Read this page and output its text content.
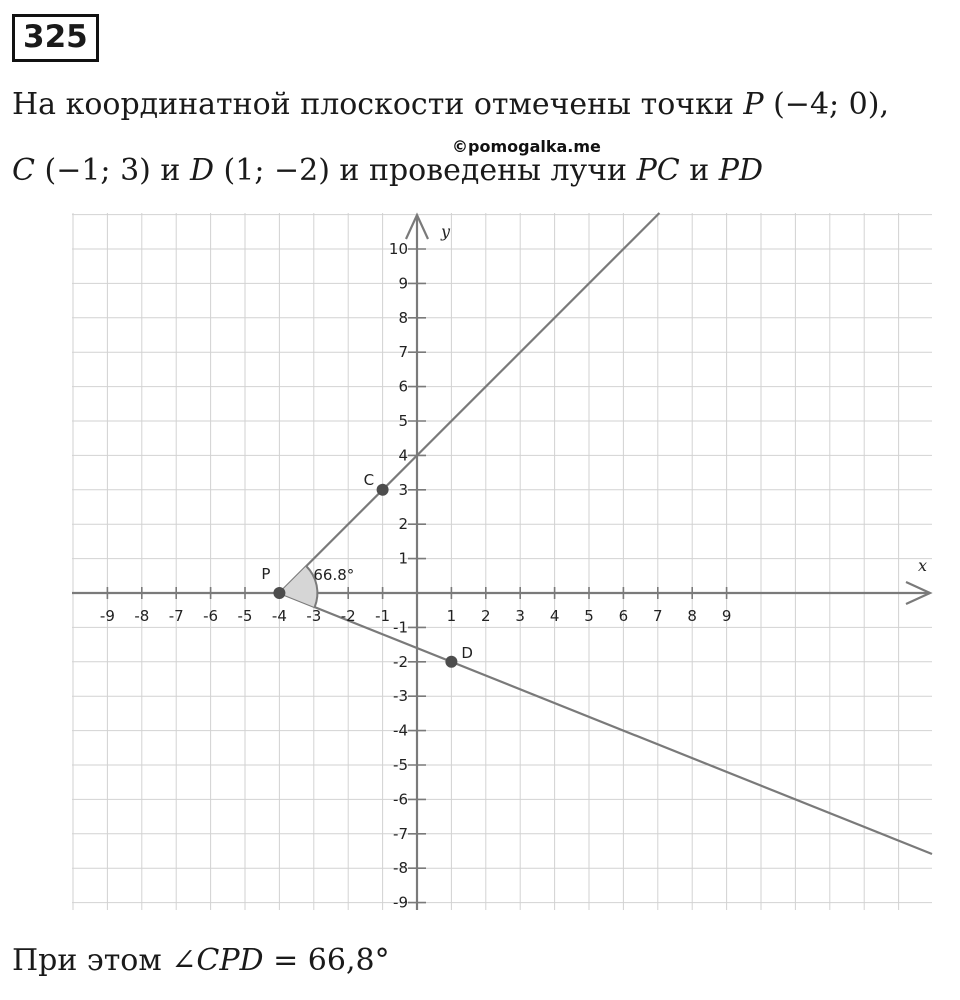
325
На координатной плоскости отмечены точки P (−4; 0),
©pomogalka.me
C (−1; 3) и D (1; −2) и проведены лучи PC и PD
x
y
-9 -8 -7 -6 -5 -4 -3 -2 -1	1 2 3 4 5 6 7 8 9
10
9
8
7
6
5
4
3
2
1
-1
-2
-3
-4
-5
-6
-7
-8
-9
66.8°
P
C
D
При этом ∠CPD = 66,8°
